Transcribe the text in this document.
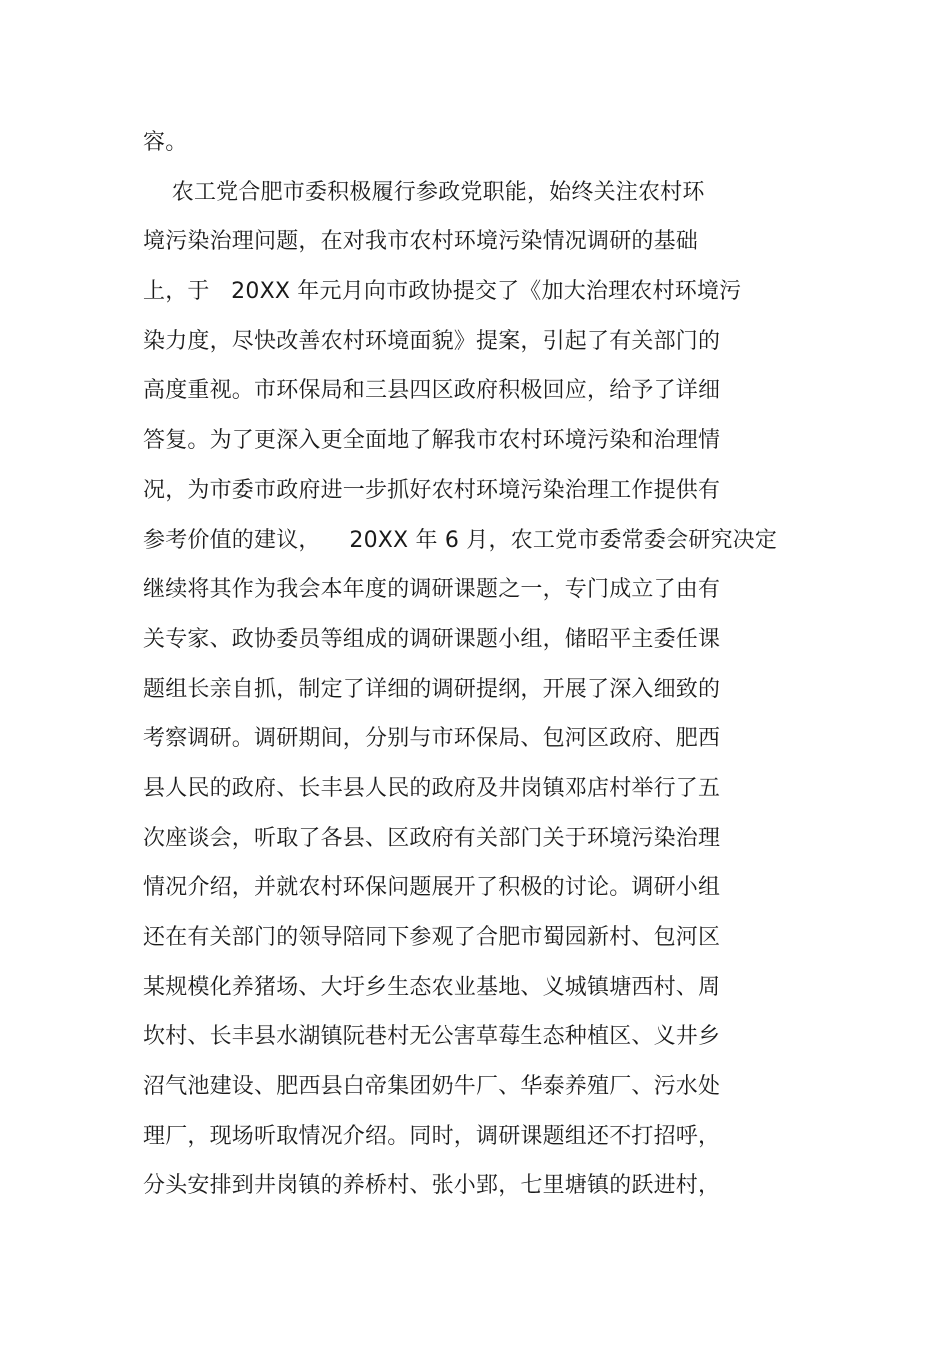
容。
农工党合肥市委积极履行参政党职能，始终关注农村环
境污染治理问题，在对我市农村环境污染情况调研的基础
上，于   20XX 年元月向市政协提交了《加大治理农村环境污
染力度，尽快改善农村环境面貌》提案，引起了有关部门的
高度重视。市环保局和三县四区政府积极回应，给予了详细
答复。为了更深入更全面地了解我市农村环境污染和治理情
况，为市委市政府进一步抓好农村环境污染治理工作提供有
参考价值的建议，    20XX 年 6 月，农工党市委常委会研究决定
继续将其作为我会本年度的调研课题之一，专门成立了由有
关专家、政协委员等组成的调研课题小组，储昭平主委任课
题组长亲自抓，制定了详细的调研提纲，开展了深入细致的
考察调研。调研期间，分别与市环保局、包河区政府、肥西
县人民的政府、长丰县人民的政府及井岗镇邓店村举行了五
次座谈会，听取了各县、区政府有关部门关于环境污染治理
情况介绍，并就农村环保问题展开了积极的讨论。调研小组
还在有关部门的领导陪同下参观了合肥市蜀园新村、包河区
某规模化养猪场、大圩乡生态农业基地、义城镇塘西村、周
坎村、长丰县水湖镇阮巷村无公害草莓生态种植区、义井乡
沼气池建设、肥西县白帝集团奶牛厂、华泰养殖厂、污水处
理厂，现场听取情况介绍。同时，调研课题组还不打招呼，
分头安排到井岗镇的养桥村、张小郢，七里塘镇的跃进村，
